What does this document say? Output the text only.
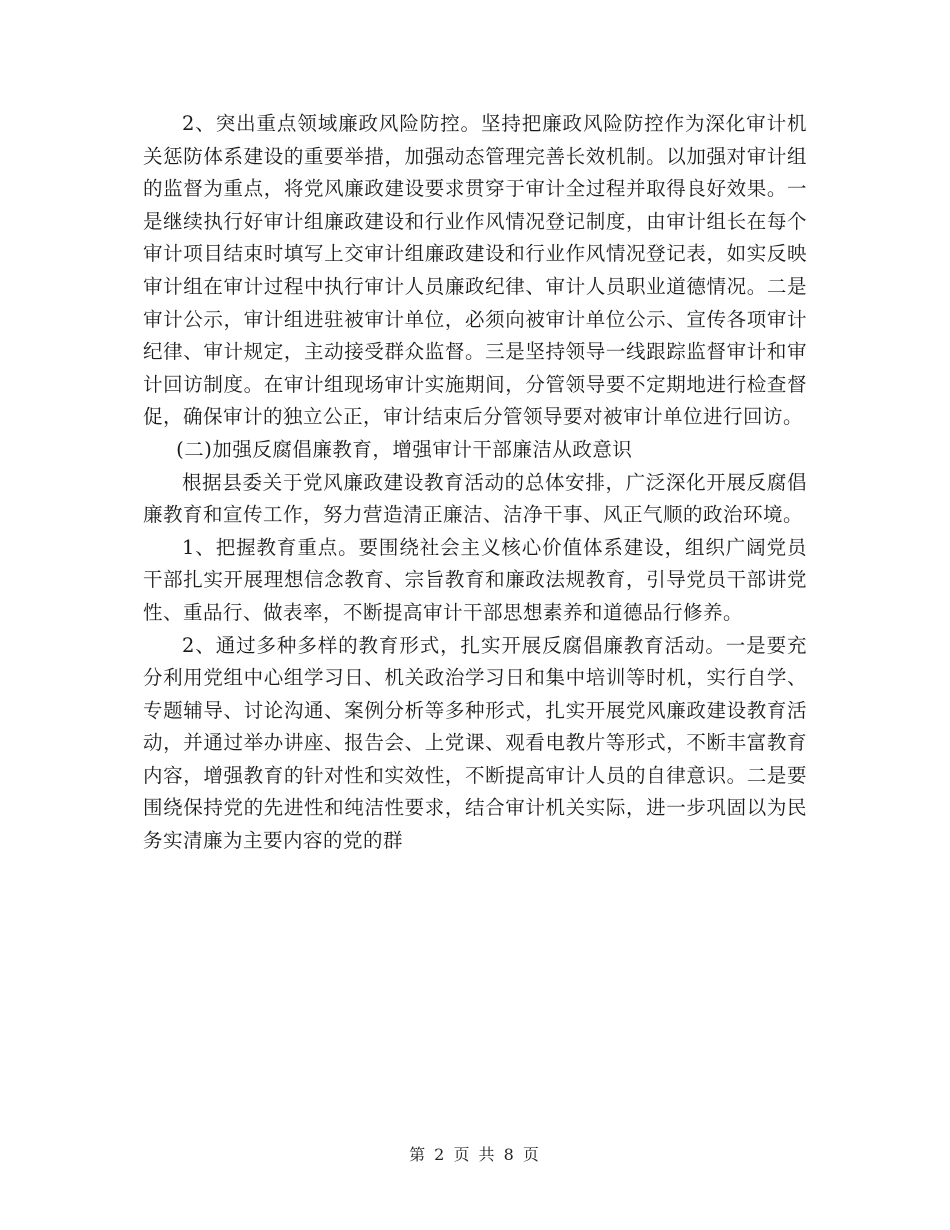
2、突出重点领域廉政风险防控。坚持把廉政风险防控作为深化审计机关惩防体系建设的重要举措，加强动态管理完善长效机制。以加强对审计组的监督为重点，将党风廉政建设要求贯穿于审计全过程并取得良好效果。一是继续执行好审计组廉政建设和行业作风情况登记制度，由审计组长在每个审计项目结束时填写上交审计组廉政建设和行业作风情况登记表，如实反映审计组在审计过程中执行审计人员廉政纪律、审计人员职业道德情况。二是审计公示，审计组进驻被审计单位，必须向被审计单位公示、宣传各项审计纪律、审计规定，主动接受群众监督。三是坚持领导一线跟踪监督审计和审计回访制度。在审计组现场审计实施期间，分管领导要不定期地进行检查督促，确保审计的独立公正，审计结束后分管领导要对被审计单位进行回访。

(二)加强反腐倡廉教育，增强审计干部廉洁从政意识

根据县委关于党风廉政建设教育活动的总体安排，广泛深化开展反腐倡廉教育和宣传工作，努力营造清正廉洁、洁净干事、风正气顺的政治环境。

1、把握教育重点。要围绕社会主义核心价值体系建设，组织广阔党员干部扎实开展理想信念教育、宗旨教育和廉政法规教育，引导党员干部讲党性、重品行、做表率，不断提高审计干部思想素养和道德品行修养。

2、通过多种多样的教育形式，扎实开展反腐倡廉教育活动。一是要充分利用党组中心组学习日、机关政治学习日和集中培训等时机，实行自学、专题辅导、讨论沟通、案例分析等多种形式，扎实开展党风廉政建设教育活动，并通过举办讲座、报告会、上党课、观看电教片等形式，不断丰富教育内容，增强教育的针对性和实效性，不断提高审计人员的自律意识。二是要围绕保持党的先进性和纯洁性要求，结合审计机关实际，进一步巩固以为民务实清廉为主要内容的党的群

第 2 页 共 8 页
